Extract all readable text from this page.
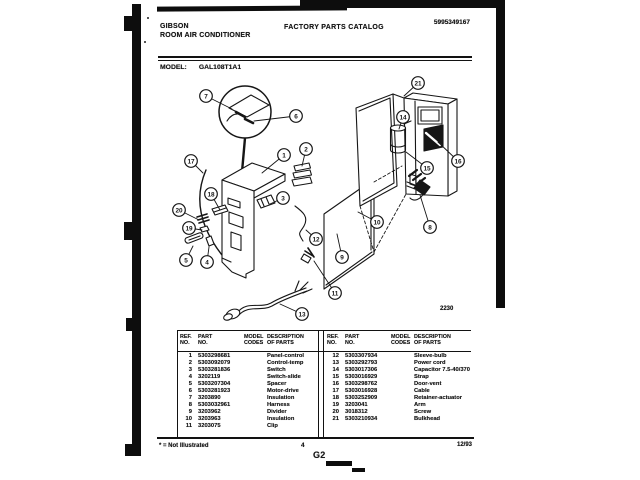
GIBSON
ROOM AIR CONDITIONER
FACTORY PARTS CATALOG
5995349167
MODEL: GAL108T1A1
7
6
1
2
17
18
20
19
5	4
3
12
13
11
9
10
8
21
14
15
16
2230
REF.
NO.
PART
NO.
MODEL
CODES
DESCRIPTION
OF PARTS
1	5303298681	Panel-control
2	5303092079	Control-temp
3	5303281836	Switch
4	3202119	Switch-slide
5	5303207304	Spacer
6	5303281923	Motor-drive
7	3203890	Insulation
8	5303032961	Harness
9	3203962	Divider
10	3203963	Insulation
11	3203075	Clip
REF.
NO.
PART
NO.
MODEL
CODES
DESCRIPTION
OF PARTS
12	5303307934	Sleeve-bulb
13	5303292793	Power cord
14	5303017306	Capacitor 7.5-40/370
15	5303016929	Strap
16	5303298762	Door-vent
17	5303016928	Cable
18	5303252909	Retainer-actuator
19	3203041	Arm
20	3018312	Screw
21	5303210934	Bulkhead
* = Not Illustrated	4
G2
12/93
